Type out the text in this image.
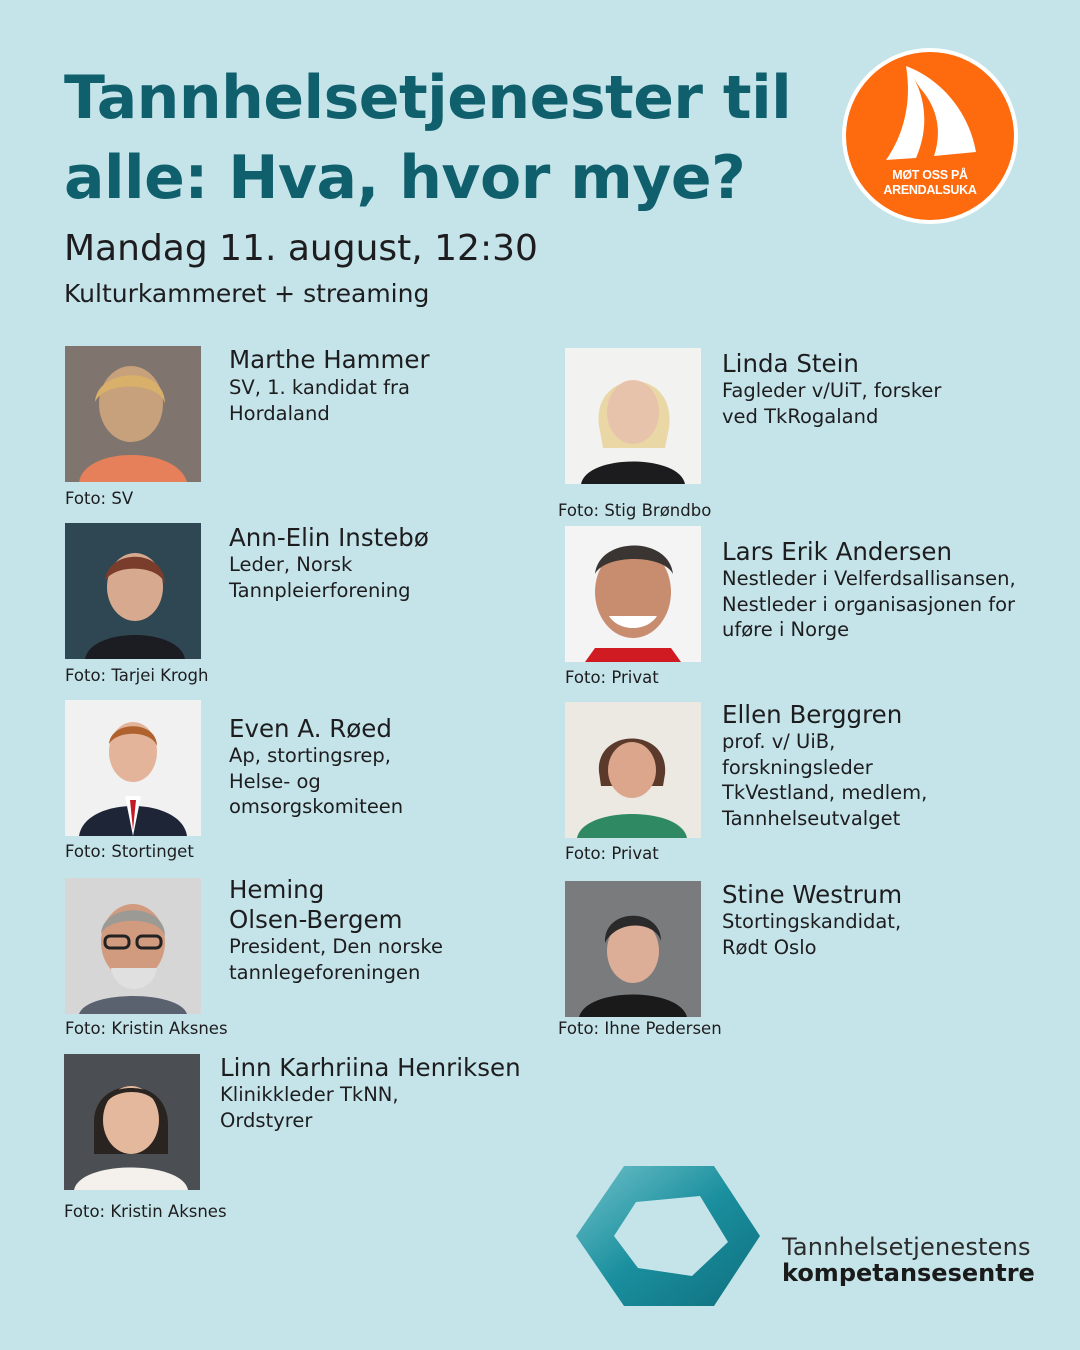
Tannhelsetjenester til alle: Hva, hvor mye?
Mandag 11. august, 12:30
Kulturkammeret + streaming
MØT OSS PÅ
ARENDALSUKA
Marthe Hammer
SV, 1. kandidat fra
Hordaland
Foto: SV
Ann-Elin Instebø
Leder, Norsk
Tannpleierforening
Foto: Tarjei Krogh
Even A. Røed
Ap, stortingsrep,
Helse- og
omsorgskomiteen
Foto: Stortinget
Heming
Olsen-Bergem
President, Den norske
tannlegeforeningen
Foto: Kristin Aksnes
Linn Karhriina Henriksen
Klinikkleder TkNN,
Ordstyrer
Foto: Kristin Aksnes
Linda Stein
Fagleder v/UiT, forsker
ved TkRogaland
Foto: Stig Brøndbo
Lars Erik Andersen
Nestleder i Velferdsallisansen,
Nestleder i organisasjonen for
uføre i Norge
Foto: Privat
Ellen Berggren
prof. v/ UiB,
forskningsleder
TkVestland, medlem,
Tannhelseutvalget
Foto: Privat
Stine Westrum
Stortingskandidat,
Rødt Oslo
Foto: Ihne Pedersen
Tannhelsetjenestens
kompetansesentre
